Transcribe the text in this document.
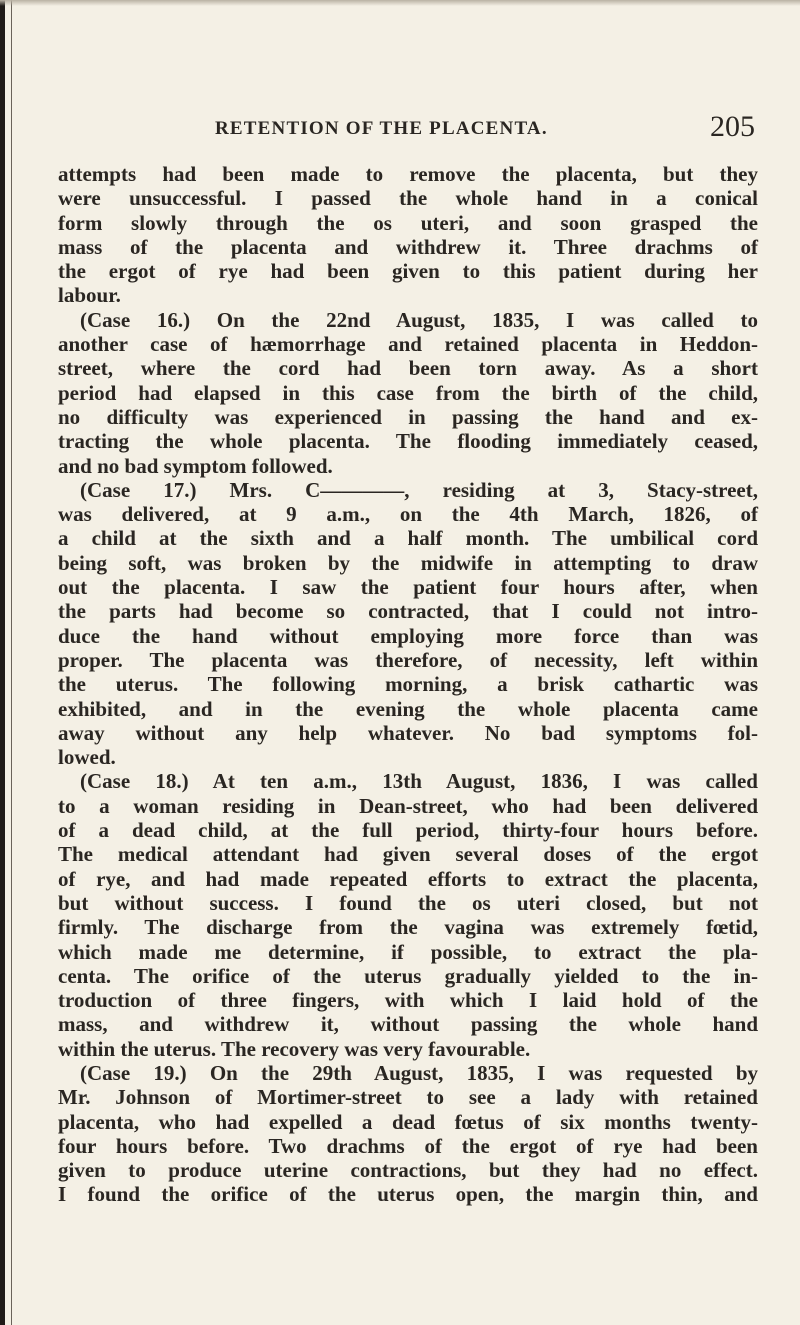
RETENTION OF THE PLACENTA.	205
attempts had been made to remove the placenta, but they
were unsuccessful. I passed the whole hand in a conical
form slowly through the os uteri, and soon grasped the
mass of the placenta and withdrew it. Three drachms of
the ergot of rye had been given to this patient during her
labour.
(Case 16.) On the 22nd August, 1835, I was called to
another case of hæmorrhage and retained placenta in Heddon-
street, where the cord had been torn away. As a short
period had elapsed in this case from the birth of the child,
no difficulty was experienced in passing the hand and ex-
tracting the whole placenta. The flooding immediately ceased,
and no bad symptom followed.
(Case 17.) Mrs. C————, residing at 3, Stacy-street,
was delivered, at 9 a.m., on the 4th March, 1826, of
a child at the sixth and a half month. The umbilical cord
being soft, was broken by the midwife in attempting to draw
out the placenta. I saw the patient four hours after, when
the parts had become so contracted, that I could not intro-
duce the hand without employing more force than was
proper. The placenta was therefore, of necessity, left within
the uterus. The following morning, a brisk cathartic was
exhibited, and in the evening the whole placenta came
away without any help whatever. No bad symptoms fol-
lowed.
(Case 18.) At ten a.m., 13th August, 1836, I was called
to a woman residing in Dean-street, who had been delivered
of a dead child, at the full period, thirty-four hours before.
The medical attendant had given several doses of the ergot
of rye, and had made repeated efforts to extract the placenta,
but without success. I found the os uteri closed, but not
firmly. The discharge from the vagina was extremely fœtid,
which made me determine, if possible, to extract the pla-
centa. The orifice of the uterus gradually yielded to the in-
troduction of three fingers, with which I laid hold of the
mass, and withdrew it, without passing the whole hand
within the uterus. The recovery was very favourable.
(Case 19.) On the 29th August, 1835, I was requested by
Mr. Johnson of Mortimer-street to see a lady with retained
placenta, who had expelled a dead fœtus of six months twenty-
four hours before. Two drachms of the ergot of rye had been
given to produce uterine contractions, but they had no effect.
I found the orifice of the uterus open, the margin thin, and
